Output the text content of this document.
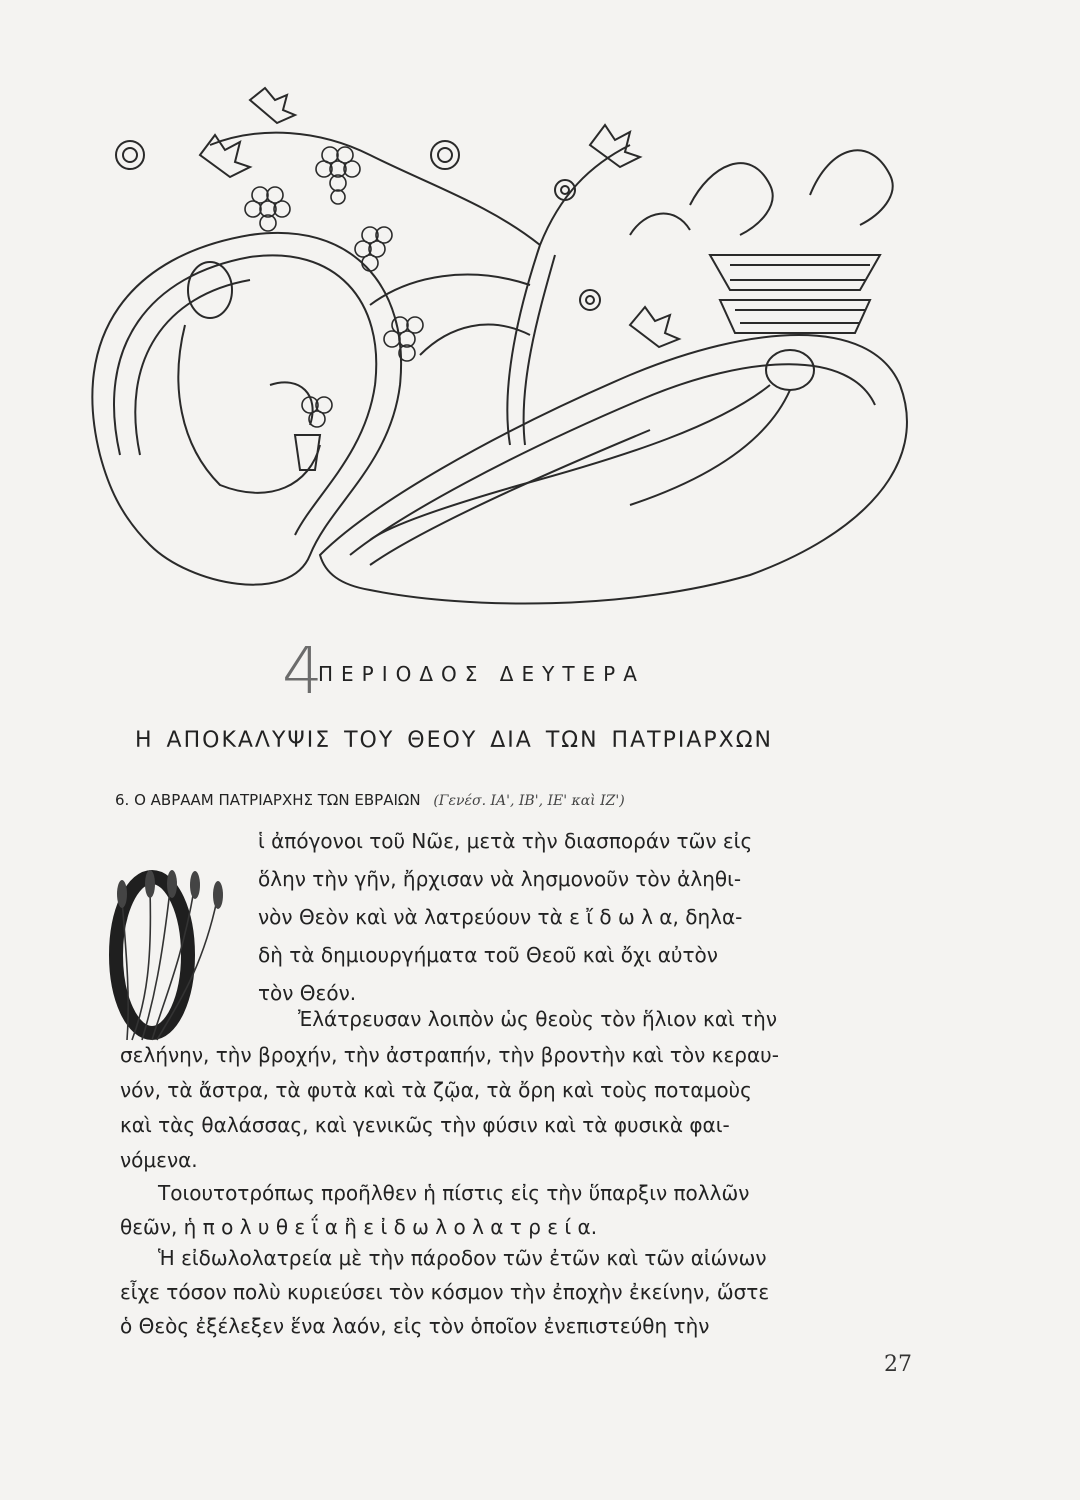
4
ΠΕΡΙΟΔΟΣ ΔΕΥΤΕΡΑ
Η ΑΠΟΚΑΛΥΨΙΣ ΤΟΥ ΘΕΟΥ ΔΙΑ ΤΩΝ ΠΑΤΡΙΑΡΧΩΝ
6. Ο ΑΒΡΑΑΜ ΠΑΤΡΙΑΡΧΗΣ ΤΩΝ ΕΒΡΑΙΩΝ (Γενέσ. ΙΑ', ΙΒ', ΙΕ' καὶ ΙΖ')
Ο
ἱ ἀπόγονοι τοῦ Νῶε, μετὰ τὴν διασποράν τῶν εἰς
ὅλην τὴν γῆν, ἤρχισαν νὰ λησμονοῦν τὸν ἀληθι-
νὸν Θεὸν καὶ νὰ λατρεύουν τὰ ε ἴ δ ω λ α, δηλα-
δὴ τὰ δημιουργήματα τοῦ Θεοῦ καὶ ὄχι αὐτὸν
τὸν Θεόν.
Ἐλάτρευσαν λοιπὸν ὡς θεοὺς τὸν ἥλιον καὶ τὴν
σελήνην, τὴν βροχήν, τὴν ἀστραπήν, τὴν βροντὴν καὶ τὸν κεραυ-
νόν, τὰ ἄστρα, τὰ φυτὰ καὶ τὰ ζῷα, τὰ ὄρη καὶ τοὺς ποταμοὺς
καὶ τὰς θαλάσσας, καὶ γενικῶς τὴν φύσιν καὶ τὰ φυσικὰ φαι-
νόμενα.
Τοιουτοτρόπως προῆλθεν ἡ πίστις εἰς τὴν ὕπαρξιν πολλῶν
θεῶν, ἡ π ο λ υ θ ε ΐ α ἢ ε ἰ δ ω λ ο λ α τ ρ ε ί α.
Ἡ εἰδωλολατρεία μὲ τὴν πάροδον τῶν ἐτῶν καὶ τῶν αἰώνων
εἶχε τόσον πολὺ κυριεύσει τὸν κόσμον τὴν ἐποχὴν ἐκείνην, ὥστε
ὁ Θεὸς ἐξέλεξεν ἕνα λαόν, εἰς τὸν ὁποῖον ἐνεπιστεύθη τὴν
27
